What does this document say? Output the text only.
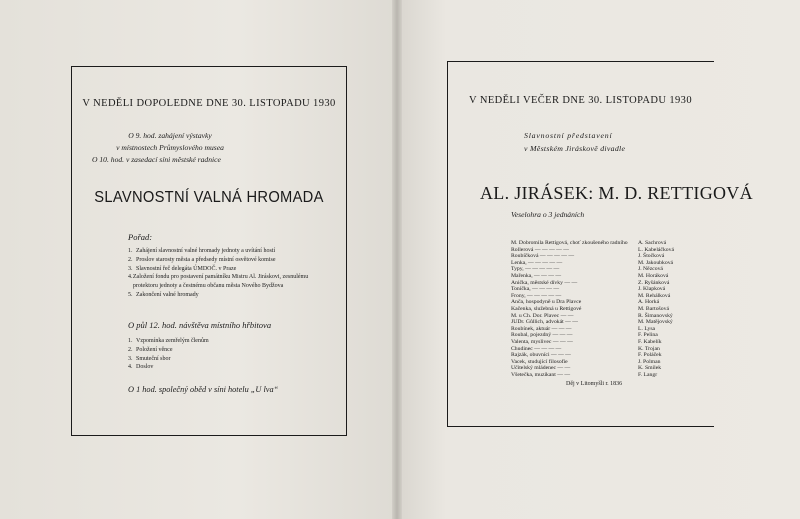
V NEDĚLI DOPOLEDNE DNE 30. LISTOPADU 1930
O 9. hod. zahájení výstavky
v místnostech Průmyslového musea
O 10. hod. v zasedací síni městské radnice
SLAVNOSTNÍ VALNÁ HROMADA
Pořad:
1. Zahájení slavnostní valné hromady jednoty a uvítání hostí
2. Proslov starosty města a předsedy místní osvětové komise
3. Slavnostní řeč delegáta ÚMDOČ. v Praze
4. Založení fondu pro postavení památníku Mistru Al. Jiráskovi, zesnulému protektoru jednoty a čestnému občanu města Nového Bydžova
5. Zakončení valné hromady
O půl 12. hod. návštěva místního hřbitova
1. Vzpomínka zemřelým členům
2. Položení věnce
3. Smuteční sbor
4. Doslov
O 1 hod. společný oběd v síni hotelu „U lva“
V NEDĚLI VEČER DNE 30. LISTOPADU 1930
Slavnostní představení
v Městském Jiráskově divadle
AL. JIRÁSEK: M. D. RETTIGOVÁ
Veselohra o 3 jednáních
M. Dobromila Rettigová, choť zkoušeného radního	A. Sachrová
Rollerová — — — — —	L. Kabeláčková
Roubíčková — — — — —	J. Štočková
Lenka, — — — — —	M. Jakoubková
Typy, — — — — —	J. Nězcová
Mařenka, — — — —	M. Horáková
Anička, městské dívky — —	Z. Ryšánková
Toníčka, — — — —	J. Klapková
Frony, — — — — —	M. Rehálková
Anča, hospodyně u Dra Plavce	A. Horká
Kačenka, služebná u Rettigové	M. Bartošová
M. u Ch. Dor. Plavec — —	R. Šimanovský
JUDr. Gůllich, advokát — —	M. Matějovský
Roubínek, aktuár — — —	L. Lysa
Roubal, pojezdný — — —	F. Pelina
Valenta, myslivec — — —	F. Kabelík
Chudinec — — — —	K. Trojan
Rajzák, obuvníci — — —	F. Poláček
Vacek, studující filosofie	J. Polman
Učitelský mládenec — —	K. Smilek
Všetečka, muzikant — —	F. Langr
Děj v Litomyšli r. 1836
